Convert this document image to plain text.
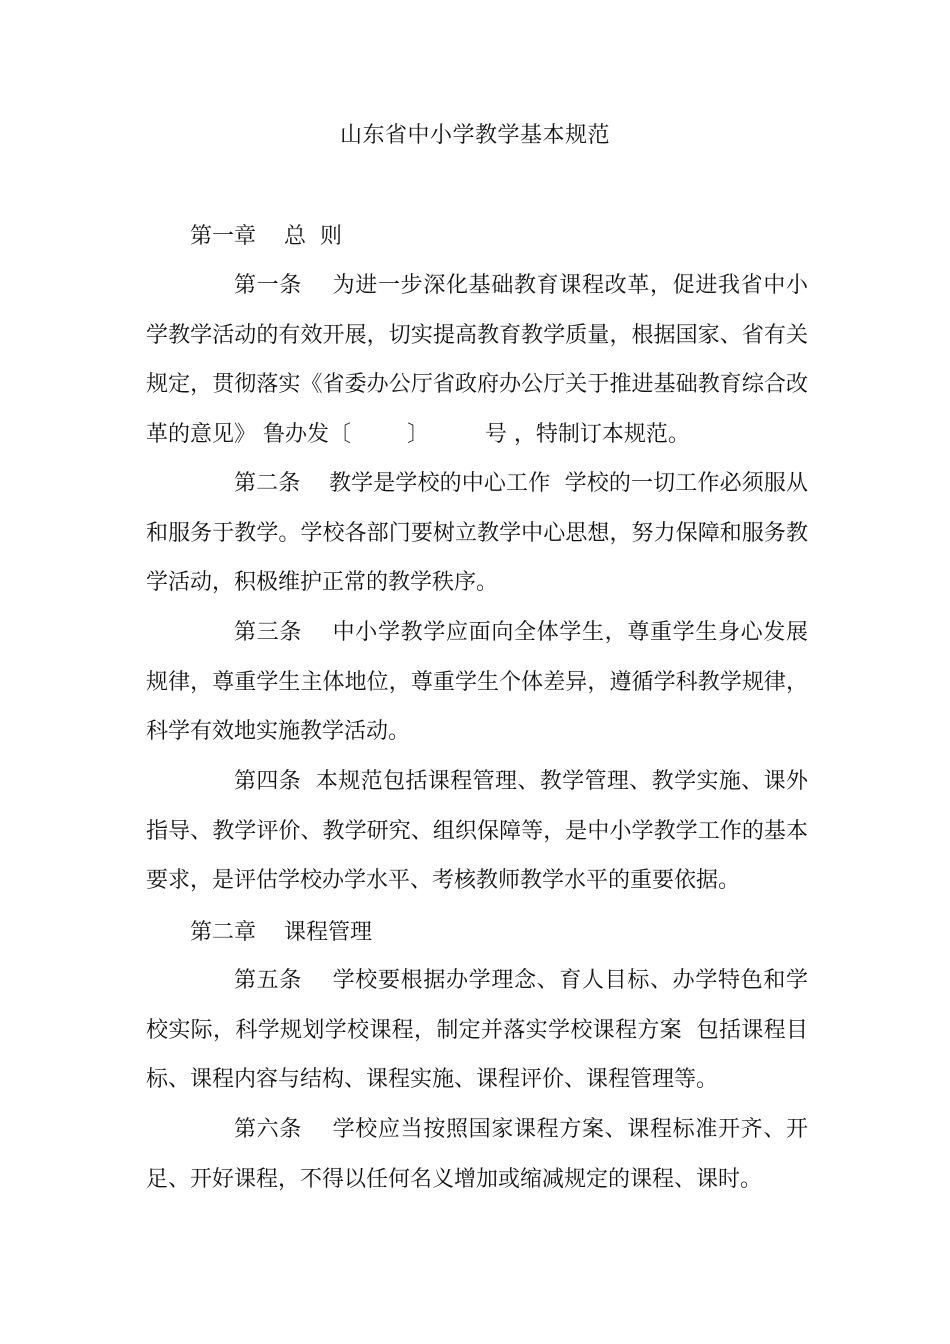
山东省中小学教学基本规范
第一章    总  则

第一条    为进一步深化基础教育课程改革，促进我省中小学教学活动的有效开展，切实提高教育教学质量，根据国家、省有关规定，贯彻落实《省委办公厅省政府办公厅关于推进基础教育综合改革的意见》 鲁办发〔        〕        号 ，特制订本规范。

第二条    教学是学校的中心工作  学校的一切工作必须服从和服务于教学。学校各部门要树立教学中心思想，努力保障和服务教学活动，积极维护正常的教学秩序。

第三条    中小学教学应面向全体学生，尊重学生身心发展规律，尊重学生主体地位，尊重学生个体差异，遵循学科教学规律，科学有效地实施教学活动。

第四条  本规范包括课程管理、教学管理、教学实施、课外指导、教学评价、教学研究、组织保障等，是中小学教学工作的基本要求，是评估学校办学水平、考核教师教学水平的重要依据。

第二章    课程管理

第五条    学校要根据办学理念、育人目标、办学特色和学校实际，科学规划学校课程，制定并落实学校课程方案  包括课程目标、课程内容与结构、课程实施、课程评价、课程管理等。

第六条    学校应当按照国家课程方案、课程标准开齐、开足、开好课程，不得以任何名义增加或缩减规定的课程、课时。
